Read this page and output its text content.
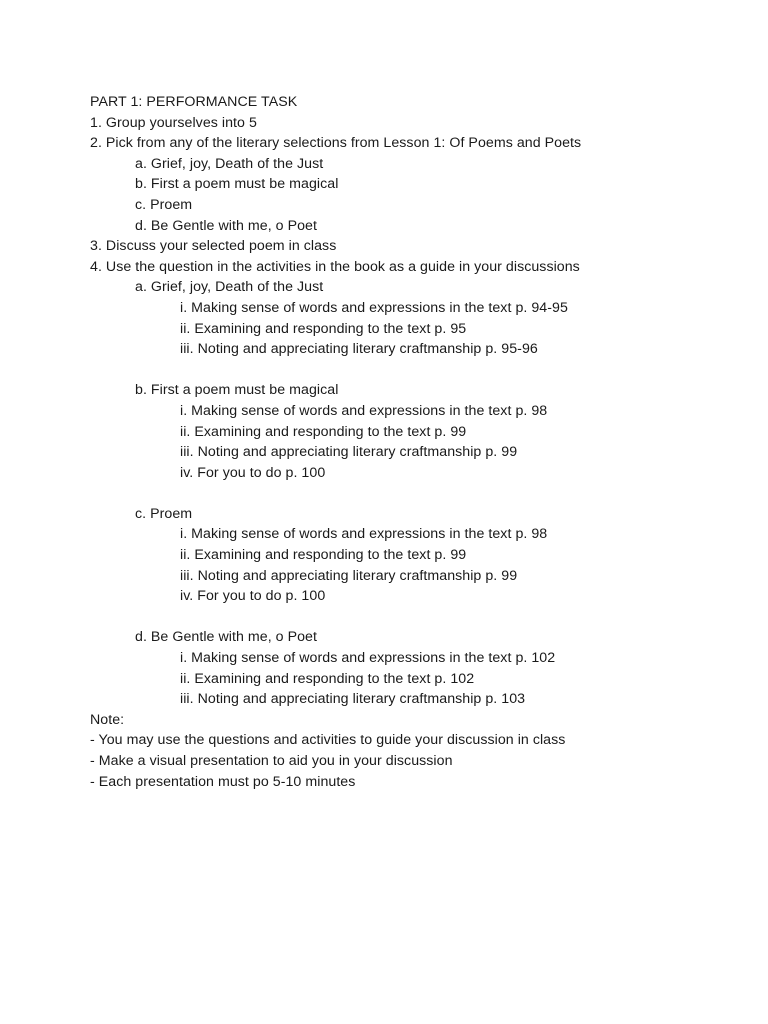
PART 1: PERFORMANCE TASK
1. Group yourselves into 5
2. Pick from any of the literary selections from Lesson 1: Of Poems and Poets
a. Grief, joy, Death of the Just
b. First a poem must be magical
c. Proem
d. Be Gentle with me, o Poet
3. Discuss your selected poem in class
4. Use the question in the activities in the book as a guide in your discussions
a. Grief, joy, Death of the Just
i. Making sense of words and expressions in the text p. 94-95
ii. Examining and responding to the text p. 95
iii. Noting and appreciating literary craftmanship p. 95-96
b. First a poem must be magical
i. Making sense of words and expressions in the text p. 98
ii. Examining and responding to the text p. 99
iii. Noting and appreciating literary craftmanship p. 99
iv. For you to do p. 100
c. Proem
i. Making sense of words and expressions in the text p. 98
ii. Examining and responding to the text p. 99
iii. Noting and appreciating literary craftmanship p. 99
iv. For you to do p. 100
d. Be Gentle with me, o Poet
i. Making sense of words and expressions in the text p. 102
ii. Examining and responding to the text p. 102
iii. Noting and appreciating literary craftmanship p. 103
Note:
- You may use the questions and activities to guide your discussion in class
- Make a visual presentation to aid you in your discussion
- Each presentation must po 5-10 minutes
